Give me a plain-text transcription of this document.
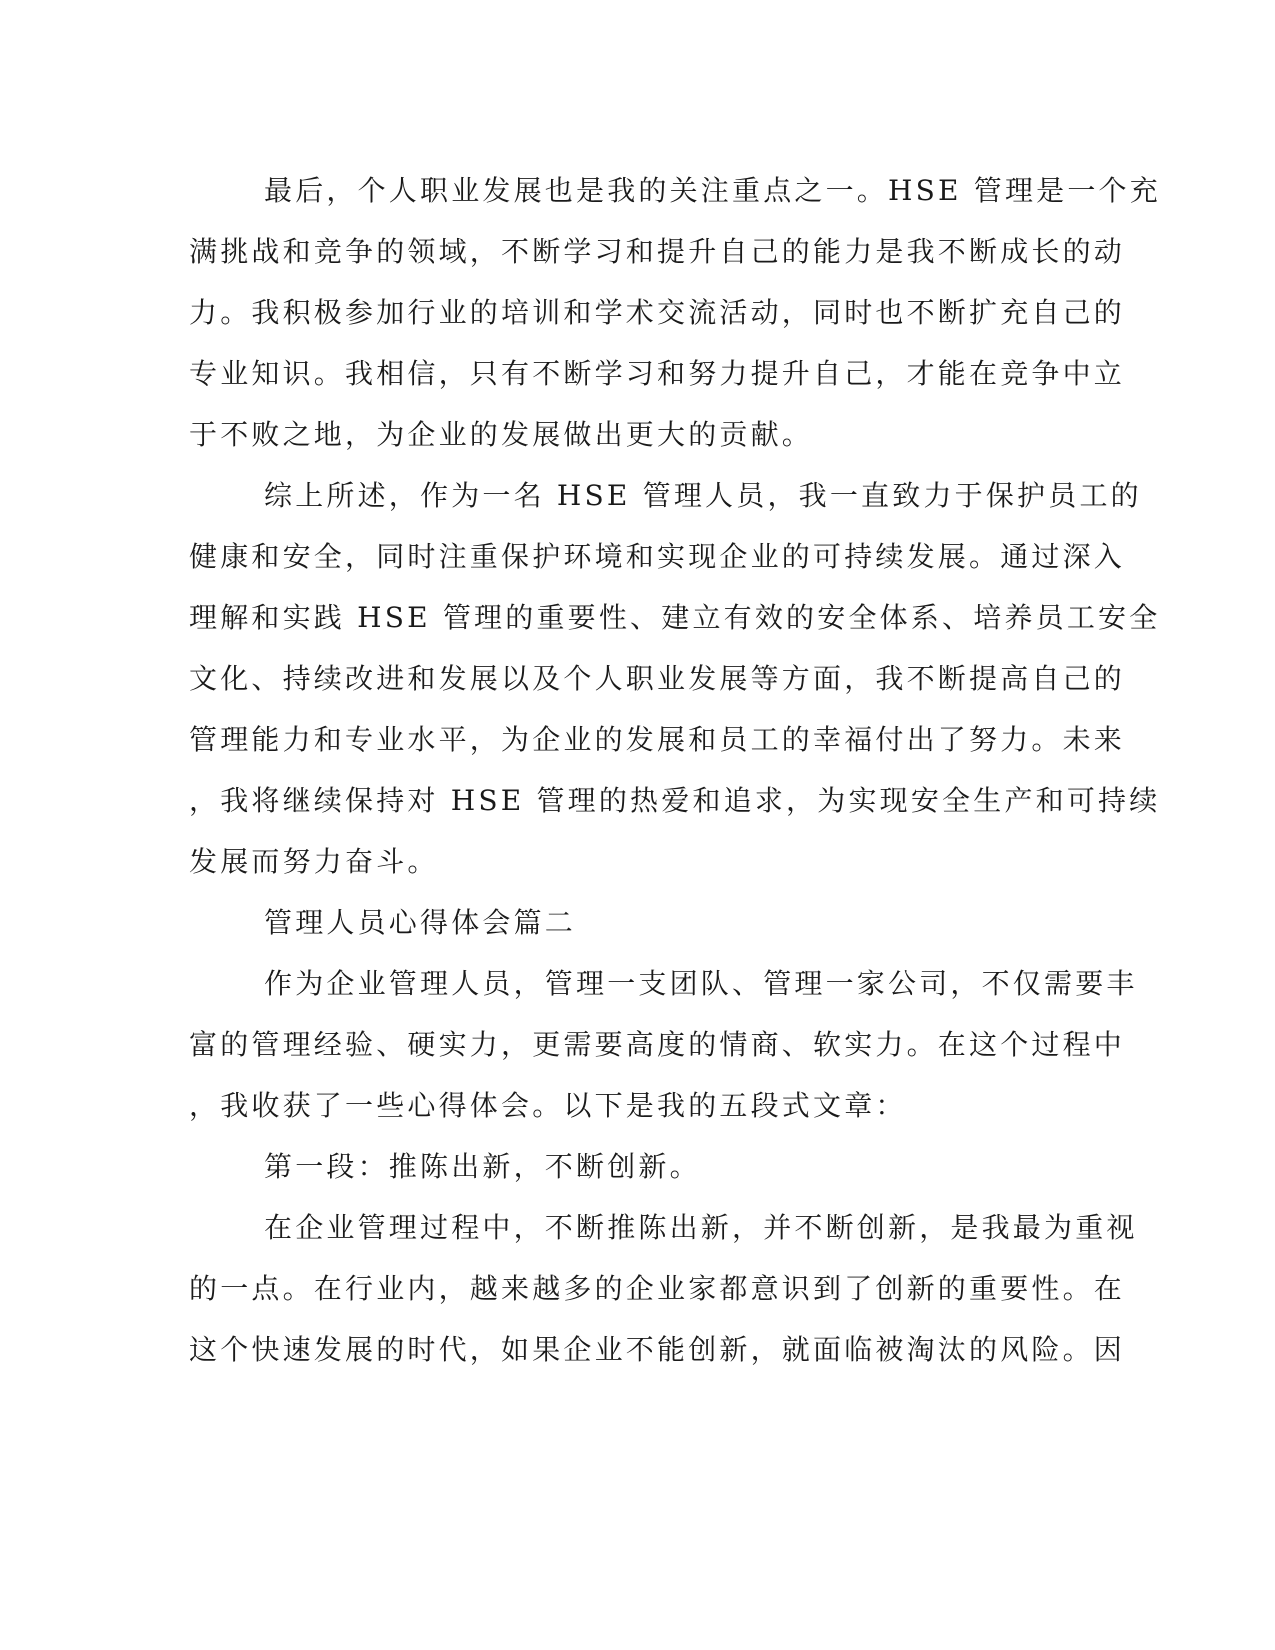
最后，个人职业发展也是我的关注重点之一。HSE 管理是一个充
满挑战和竞争的领域，不断学习和提升自己的能力是我不断成长的动
力。我积极参加行业的培训和学术交流活动，同时也不断扩充自己的
专业知识。我相信，只有不断学习和努力提升自己，才能在竞争中立
于不败之地，为企业的发展做出更大的贡献。
综上所述，作为一名 HSE 管理人员，我一直致力于保护员工的
健康和安全，同时注重保护环境和实现企业的可持续发展。通过深入
理解和实践 HSE 管理的重要性、建立有效的安全体系、培养员工安全
文化、持续改进和发展以及个人职业发展等方面，我不断提高自己的
管理能力和专业水平，为企业的发展和员工的幸福付出了努力。未来
，我将继续保持对 HSE 管理的热爱和追求，为实现安全生产和可持续
发展而努力奋斗。
管理人员心得体会篇二
作为企业管理人员，管理一支团队、管理一家公司，不仅需要丰
富的管理经验、硬实力，更需要高度的情商、软实力。在这个过程中
，我收获了一些心得体会。以下是我的五段式文章：
第一段：推陈出新，不断创新。
在企业管理过程中，不断推陈出新，并不断创新，是我最为重视
的一点。在行业内，越来越多的企业家都意识到了创新的重要性。在
这个快速发展的时代，如果企业不能创新，就面临被淘汰的风险。因
